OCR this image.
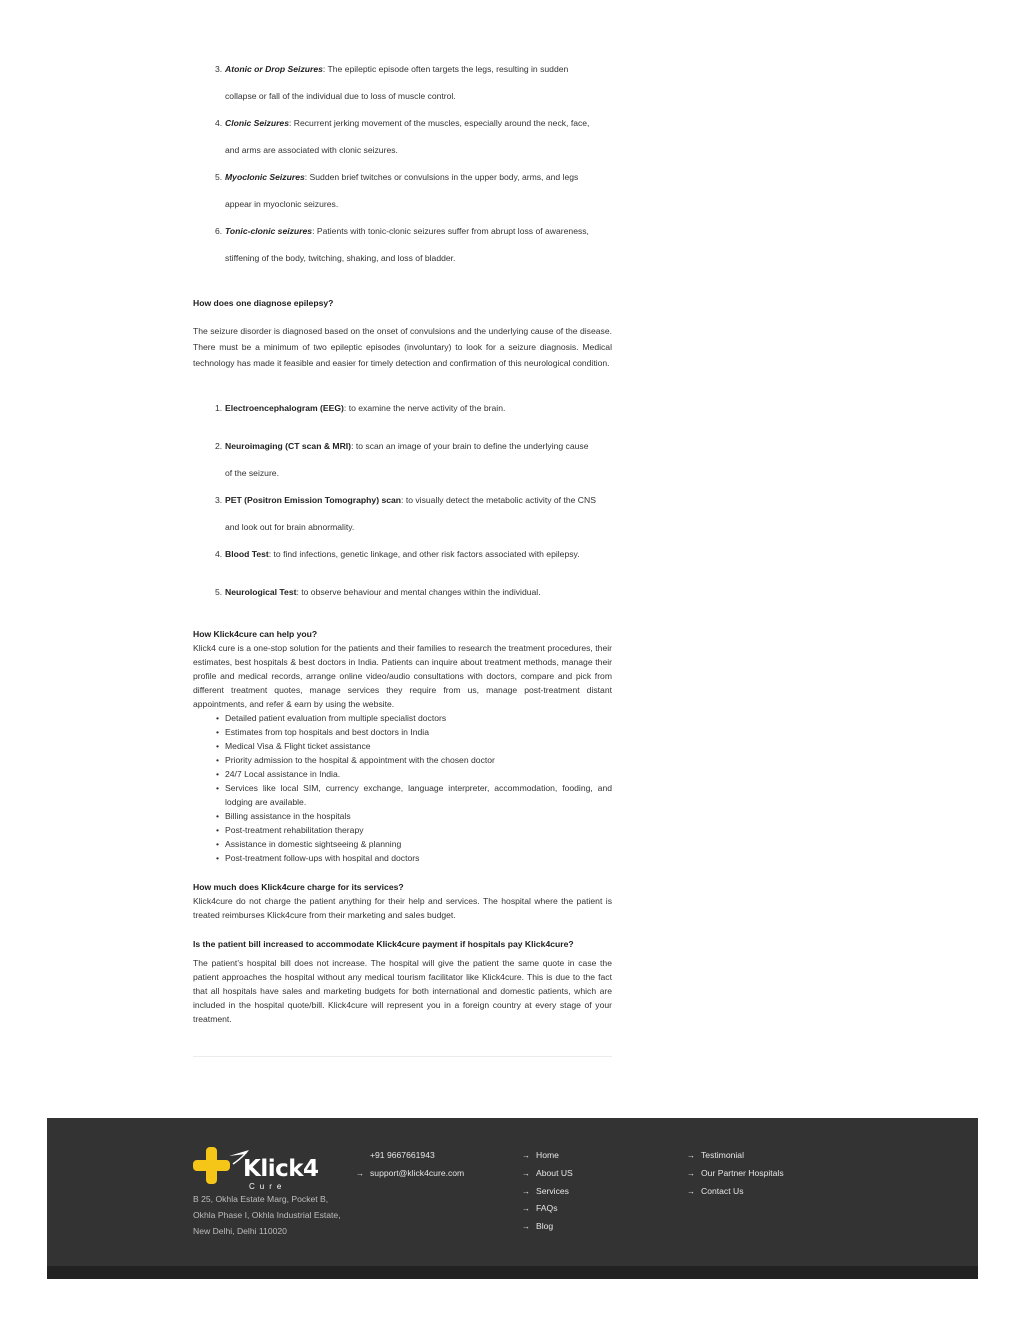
3. Atonic or Drop Seizures: The epileptic episode often targets the legs, resulting in sudden
collapse or fall of the individual due to loss of muscle control.
4. Clonic Seizures: Recurrent jerking movement of the muscles, especially around the neck, face,
and arms are associated with clonic seizures.
5. Myoclonic Seizures: Sudden brief twitches or convulsions in the upper body, arms, and legs
appear in myoclonic seizures.
6. Tonic-clonic seizures: Patients with tonic-clonic seizures suffer from abrupt loss of awareness,
stiffening of the body, twitching, shaking, and loss of bladder.
How does one diagnose epilepsy?

The seizure disorder is diagnosed based on the onset of convulsions and the underlying cause of the disease. There must be a minimum of two epileptic episodes (involuntary) to look for a seizure diagnosis. Medical technology has made it feasible and easier for timely detection and confirmation of this neurological condition.

1. Electroencephalogram (EEG): to examine the nerve activity of the brain.
2. Neuroimaging (CT scan & MRI): to scan an image of your brain to define the underlying cause
of the seizure.
3. PET (Positron Emission Tomography) scan: to visually detect the metabolic activity of the CNS
and look out for brain abnormality.
4. Blood Test: to find infections, genetic linkage, and other risk factors associated with epilepsy.
5. Neurological Test: to observe behaviour and mental changes within the individual.
How Klick4cure can help you?

Klick4 cure is a one-stop solution for the patients and their families to research the treatment procedures, their estimates, best hospitals & best doctors in India. Patients can inquire about treatment methods, manage their profile and medical records, arrange online video/audio consultations with doctors, compare and pick from different treatment quotes, manage services they require from us, manage post-treatment distant appointments, and refer & earn by using the website.

• Detailed patient evaluation from multiple specialist doctors
• Estimates from top hospitals and best doctors in India
• Medical Visa & Flight ticket assistance
• Priority admission to the hospital & appointment with the chosen doctor
• 24/7 Local assistance in India.
• Services like local SIM, currency exchange, language interpreter, accommodation, fooding, and lodging are available.
• Billing assistance in the hospitals
• Post-treatment rehabilitation therapy
• Assistance in domestic sightseeing & planning
• Post-treatment follow-ups with hospital and doctors
How much does Klick4cure charge for its services?

Klick4cure do not charge the patient anything for their help and services. The hospital where the patient is treated reimburses Klick4cure from their marketing and sales budget.

Is the patient bill increased to accommodate Klick4cure payment if hospitals pay Klick4cure?

The patient’s hospital bill does not increase. The hospital will give the patient the same quote in case the patient approaches the hospital without any medical tourism facilitator like Klick4cure. This is due to the fact that all hospitals have sales and marketing budgets for both international and domestic patients, which are included in the hospital quote/bill. Klick4cure will represent you in a foreign country at every stage of your treatment.

Klick4
Cure
B 25, Okhla Estate Marg, Pocket B, Okhla Phase I, Okhla Industrial Estate, New Delhi, Delhi 110020
+91 9667661943
→ support@klick4cure.com
→ Home
→ About US
→ Services
→ FAQs
→ Blog
→ Testimonial
→ Our Partner Hospitals
→ Contact Us
